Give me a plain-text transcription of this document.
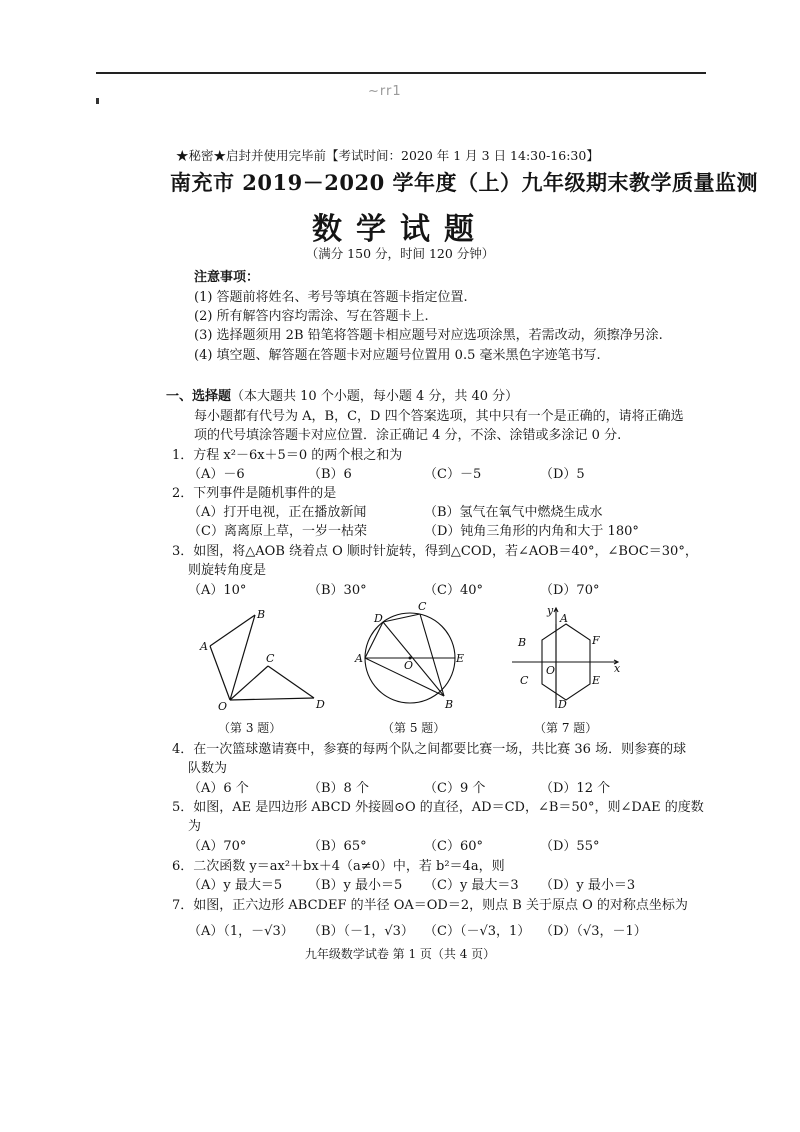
~rr1
★秘密★启封并使用完毕前【考试时间：2020 年 1 月 3 日 14:30-16:30】
南充市 2019－2020 学年度（上）九年级期末教学质量监测
数学试题
（满分 150 分，时间 120 分钟）
注意事项：
(1) 答题前将姓名、考号等填在答题卡指定位置.
(2) 所有解答内容均需涂、写在答题卡上.
(3) 选择题须用 2B 铅笔将答题卡相应题号对应选项涂黑，若需改动，须擦净另涂.
(4) 填空题、解答题在答题卡对应题号位置用 0.5 毫米黑色字迹笔书写.
一、选择题（本大题共 10 个小题，每小题 4 分，共 40 分）
每小题都有代号为 A，B，C，D 四个答案选项，其中只有一个是正确的，请将正确选
项的代号填涂答题卡对应位置．涂正确记 4 分，不涂、涂错或多涂记 0 分.
1．方程 x²－6x＋5＝0 的两个根之和为
（A）－6	（B）6	（C）－5	（D）5
2．下列事件是随机事件的是
（A）打开电视，正在播放新闻	（B）氢气在氧气中燃烧生成水
（C）离离原上草，一岁一枯荣	（D）钝角三角形的内角和大于 180°
3．如图，将△AOB 绕着点 O 顺时针旋转，得到△COD，若∠AOB＝40°，∠BOC＝30°，
则旋转角度是
（A）10°	（B）30°	（C）40°	（D）70°
A
B
C
O	D
A
B
C
D
E
O
y
x
A
B
C
D
E
F
O
（第 3 题）	（第 5 题）	（第 7 题）
4．在一次篮球邀请赛中，参赛的每两个队之间都要比赛一场，共比赛 36 场．则参赛的球
队数为
（A）6 个	（B）8 个	（C）9 个	（D）12 个
5．如图，AE 是四边形 ABCD 外接圆⊙O 的直径，AD＝CD，∠B＝50°，则∠DAE 的度数
为
（A）70°	（B）65°	（C）60°	（D）55°
6．二次函数 y＝ax²＋bx＋4（a≠0）中，若 b²＝4a，则
（A）y 最大＝5 （B）y 最小＝5 （C）y 最大＝3 （D）y 最小＝3
7．如图，正六边形 ABCDEF 的半径 OA＝OD＝2，则点 B 关于原点 O 的对称点坐标为
（A）（1，－√3） （B）（－1，√3） （C）（－√3，1） （D）（√3，－1）
九年级数学试卷 第 1 页（共 4 页）
